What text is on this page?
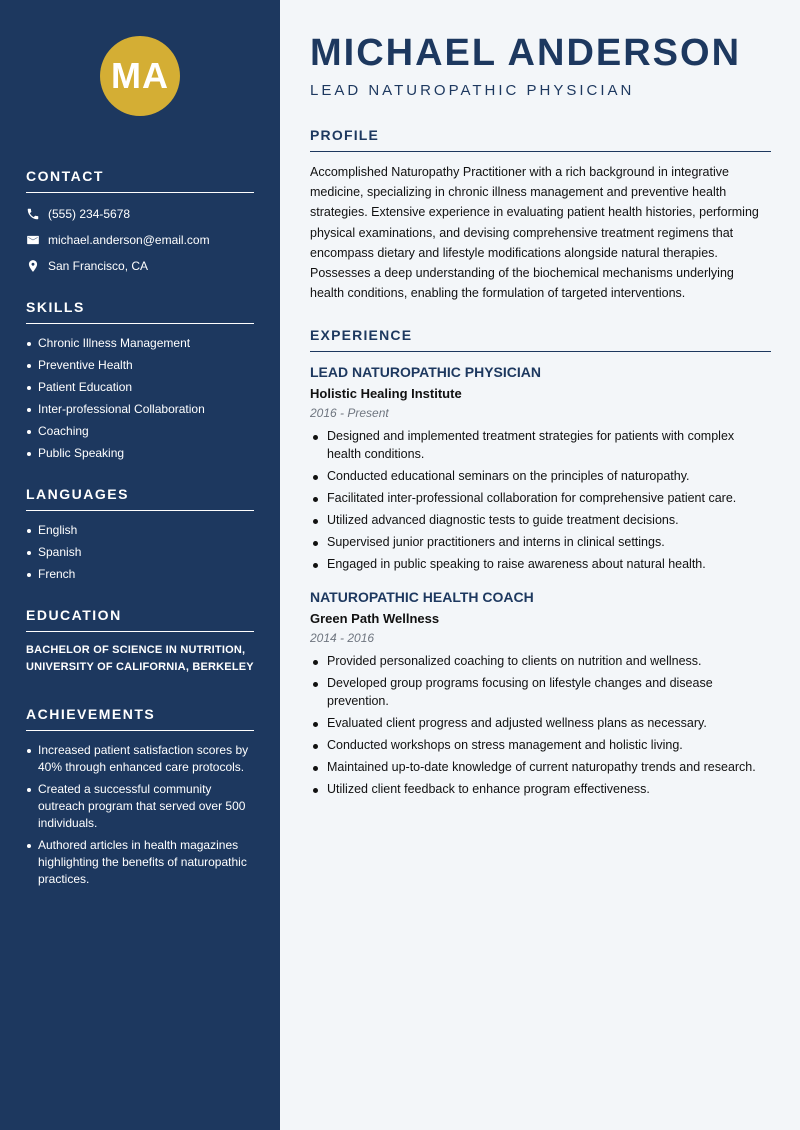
MA
CONTACT
(555) 234-5678
michael.anderson@email.com
San Francisco, CA
SKILLS
Chronic Illness Management
Preventive Health
Patient Education
Inter-professional Collaboration
Coaching
Public Speaking
LANGUAGES
English
Spanish
French
EDUCATION
BACHELOR OF SCIENCE IN NUTRITION,
UNIVERSITY OF CALIFORNIA, BERKELEY
ACHIEVEMENTS
Increased patient satisfaction scores by 40% through enhanced care protocols.
Created a successful community outreach program that served over 500 individuals.
Authored articles in health magazines highlighting the benefits of naturopathic practices.
MICHAEL ANDERSON
LEAD NATUROPATHIC PHYSICIAN
PROFILE

Accomplished Naturopathy Practitioner with a rich background in integrative medicine, specializing in chronic illness management and preventive health strategies. Extensive experience in evaluating patient health histories, performing physical examinations, and devising comprehensive treatment regimens that encompass dietary and lifestyle modifications alongside natural therapies. Possesses a deep understanding of the biochemical mechanisms underlying health conditions, enabling the formulation of targeted interventions.

EXPERIENCE
LEAD NATUROPATHIC PHYSICIAN
Holistic Healing Institute
2016 - Present
Designed and implemented treatment strategies for patients with complex health conditions.
Conducted educational seminars on the principles of naturopathy.
Facilitated inter-professional collaboration for comprehensive patient care.
Utilized advanced diagnostic tests to guide treatment decisions.
Supervised junior practitioners and interns in clinical settings.
Engaged in public speaking to raise awareness about natural health.
NATUROPATHIC HEALTH COACH
Green Path Wellness
2014 - 2016
Provided personalized coaching to clients on nutrition and wellness.
Developed group programs focusing on lifestyle changes and disease prevention.
Evaluated client progress and adjusted wellness plans as necessary.
Conducted workshops on stress management and holistic living.
Maintained up-to-date knowledge of current naturopathy trends and research.
Utilized client feedback to enhance program effectiveness.
